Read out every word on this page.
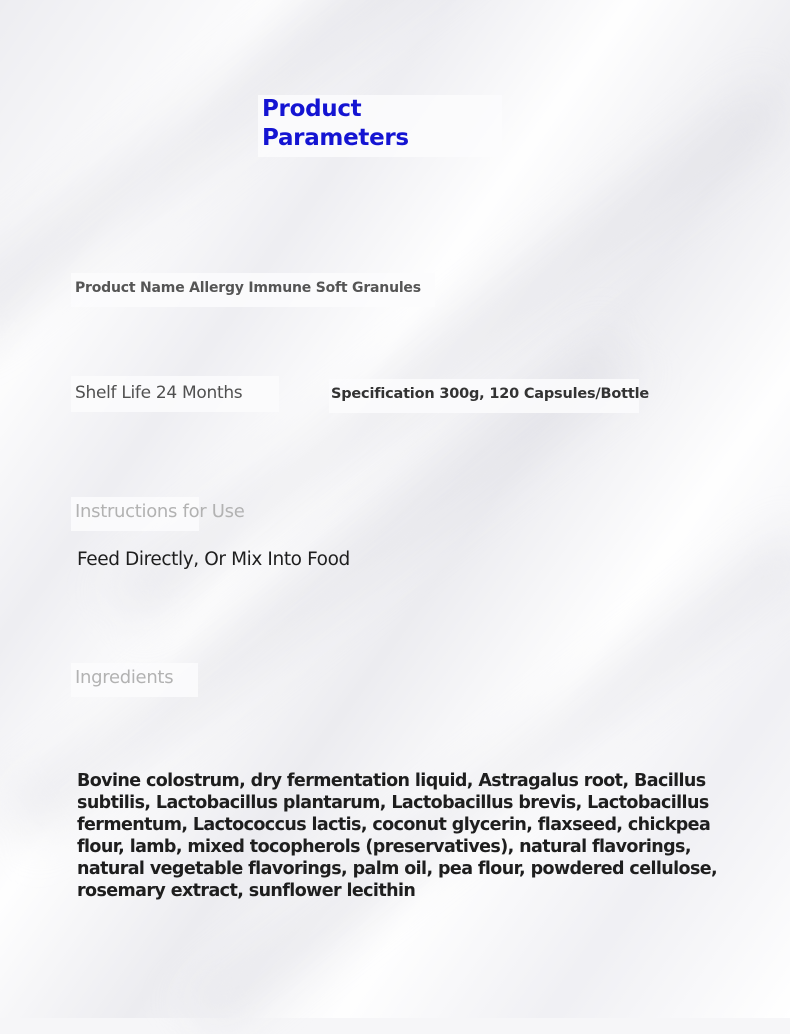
Product
Parameters
Product Name Allergy Immune Soft Granules
Shelf Life 24 Months	Specification 300g, 120 Capsules/Bottle
Instructions for Use
Feed Directly, Or Mix Into Food
Ingredients
Bovine colostrum, dry fermentation liquid, Astragalus root, Bacillus subtilis, Lactobacillus plantarum, Lactobacillus brevis, Lactobacillus fermentum, Lactococcus lactis, coconut glycerin, flaxseed, chickpea flour, lamb, mixed tocopherols (preservatives), natural flavorings, natural vegetable flavorings, palm oil, pea flour, powdered cellulose, rosemary extract, sunflower lecithin
